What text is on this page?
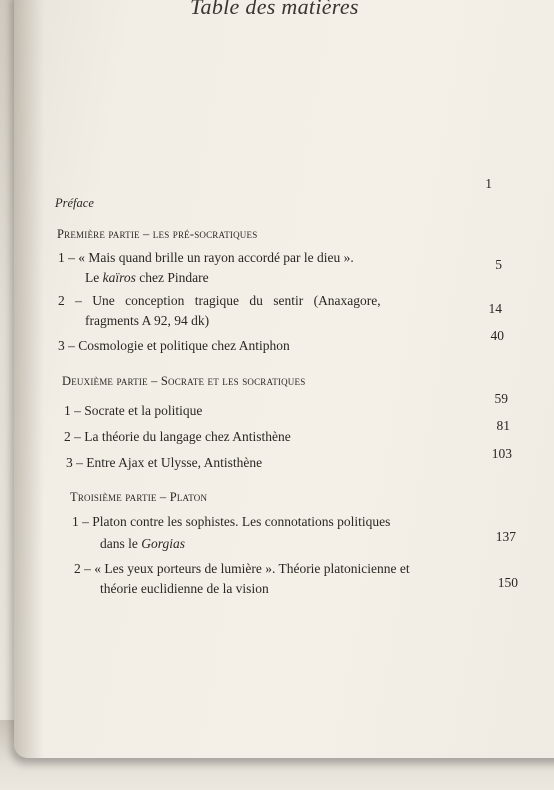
Table des matières
Préface
1
Première partie – les pré-socratiques
1 – « Mais quand brille un rayon accordé par le dieu ».
Le kaïros chez Pindare
5
2 – Une conception tragique du sentir (Anaxagore,
fragments A 92, 94 dk)
14
3 – Cosmologie et politique chez Antiphon
40
Deuxième partie – Socrate et les socratiques
1 – Socrate et la politique
59
2 – La théorie du langage chez Antisthène
81
3 – Entre Ajax et Ulysse, Antisthène
103
Troisième partie – Platon
1 – Platon contre les sophistes. Les connotations politiques
dans le Gorgias	137
2 – « Les yeux porteurs de lumière ». Théorie platonicienne et
théorie euclidienne de la vision	150
